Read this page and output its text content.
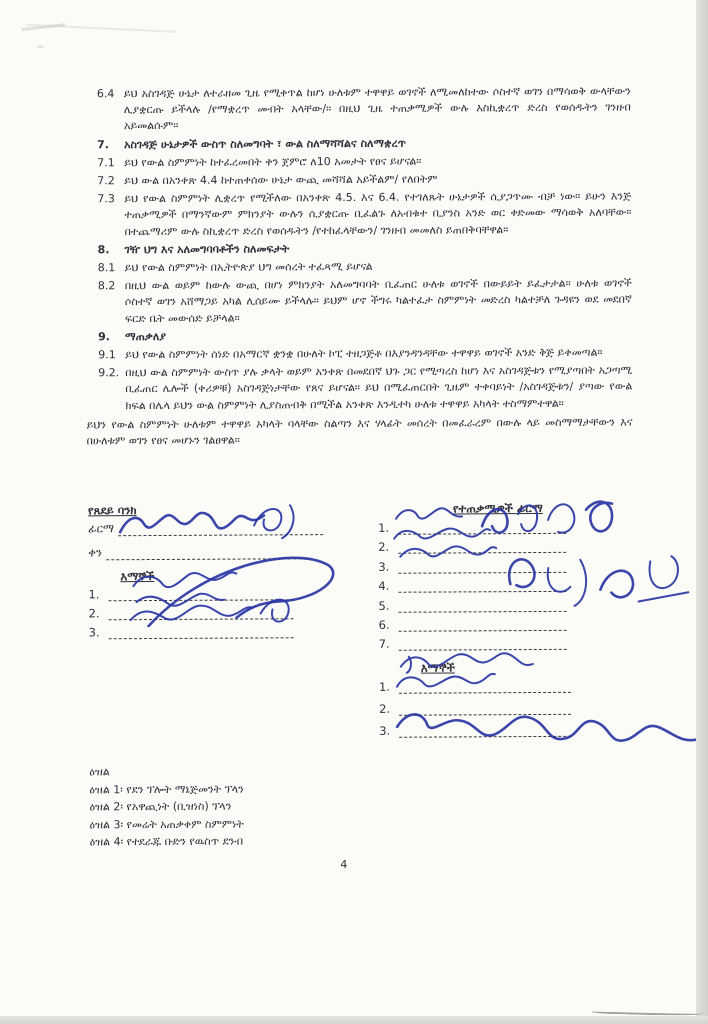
6.4 ይህ አስገዳጅ ሁኔታ ለተራዘመ ጊዜ የሚቀጥል ከሆነ ሁለቱም ተዋዋይ ወገኖች ለሚመለከተው ሶስተኛ ወገን በማሳወቅ ውላቸውን ሊያቋርጡ ይችላሉ /የማቋረጥ መብት አላቸው/። በዚህ ጊዜ ተጠቃሚዎች ውሉ እስኪቋረጥ ድረስ የወሰዱትን ገንዘብ አይመልሱም።
7.	አስገዳጅ ሁኔታዎች ውስጥ ስለመግባት ፣ ውል ስለማሻሻልና ስለማቋረጥ
7.1 ይህ የውል ስምምነት ከተፈረመበት ቀን ጀምሮ ለ10 አመታት የፀና ይሆናል።
7.2 ይህ ውል በአንቀጽ 4.4 ከተጠቀሰው ሁኔታ ውጪ መሻሻል አይችልም/ የለበትም
7.3 ይህ የውል ስምምነት ሊቋረጥ የሚችለው በአንቀጽ 4.5. እና 6.4. የተገለጹት ሁኔታዎች ሲያጋጥሙ ብቻ ነው። ይሁን እንጅ ተጠቃሚዎች በማንኛውም ምክንያት ውሉን ሲያቋርጡ ቢፈልጉ ለአብቁተ ቢያንስ አንድ ወር ቀድመው ማሳወቅ አለባቸው። በተጨማሪም ውሉ ስኪቋረጥ ድረስ የወሰዱትን /የተከፈላቸውን/ ገንዘብ መመለስ ይጠበቅባቸዋል።
8.	ገዥ ህግ እና አለመግባባቶችን ስለመፍታት
8.1 ይህ የውል ስምምነት በኢትዮጵያ ህግ መሰረት ተፈጻሚ ይሆናል
8.2 በዚህ ውል ወይም ከውሉ ውጪ በሆነ ምክንያት አለመግባባት ቢፈጠር ሁለቱ ወገኖች በውይይት ይፈታታል። ሁለቱ ወገኖች ሶስተኛ ወገን አሸማጋይ አካል ሊሰይሙ ይችላሉ። ይህም ሆኖ ችግሩ ካልተፈታ ስምምነት መድረስ ካልተቻለ ጉዳዩን ወደ መደበኛ ፍርድ ቤት መውሰድ ይቻላል።
9.	ማጠቃለያ
9.1 ይህ የውል ስምምነት ሰነድ በአማርኛ ቋንቋ በሁለት ኮፒ ተዘጋጅቶ በእያንዳንዳቸው ተዋዋይ ወገኖች አንድ ቅጅ ይቀመጣል።
9.2. በዚህ ውል ስምምነት ውስጥ ያሉ ቃላት ወይም አንቀጽ በመደበኛ ህጉ ጋር የሚጣረስ ከሆነ እና አስገዳጅቱን የሚያጣበት አጋጣሚ ቢፈጠር ሌሎች (ቀሪዎቹ) አስገዳጅነታቸው የጸና ይሆናል። ይህ በሚፈጠርበት ጊዜም ተቀባይነት /አስገዳጅቱን/ ያጣው የውል ክፍል በሌላ ይህን ውል ስምምነት ሊያስጠብቅ በሚችል አንቀጽ እንዲተካ ሁለቱ ተዋዋይ አካላት ተስማምተዋል።
ይህን የውል ስምምነት ሁለቱም ተዋዋይ አካላት ባላቸው ስልጣን እና ሃላፊት መሰረት በመፈራረም በውሉ ላይ መስማማታቸውን እና በሁለቱም ወገን የፀና መሆኑን ገልፀዋል።
የጸደይ ባንክ
ፊርማ
ቀን
እማኞች
1.
2.
3.
የተጠቃሚዎች ፊርማ
1.
2.
3.
4.
5.
6.
7.
እማኞች
1.
2.
3.
ዕዝል
ዕዝል 1፡ የደን ፕሎት ማኔጅመንት ፕላን
ዕዝል 2፡ የአዋጪነት (ቢዝነስ) ፕላን
ዕዝል 3፡ የመሬት አጠቃቀም ስምምነት
ዕዝል 4፡ የተደራጁ ቡድን የዉስጥ ደንብ
4
